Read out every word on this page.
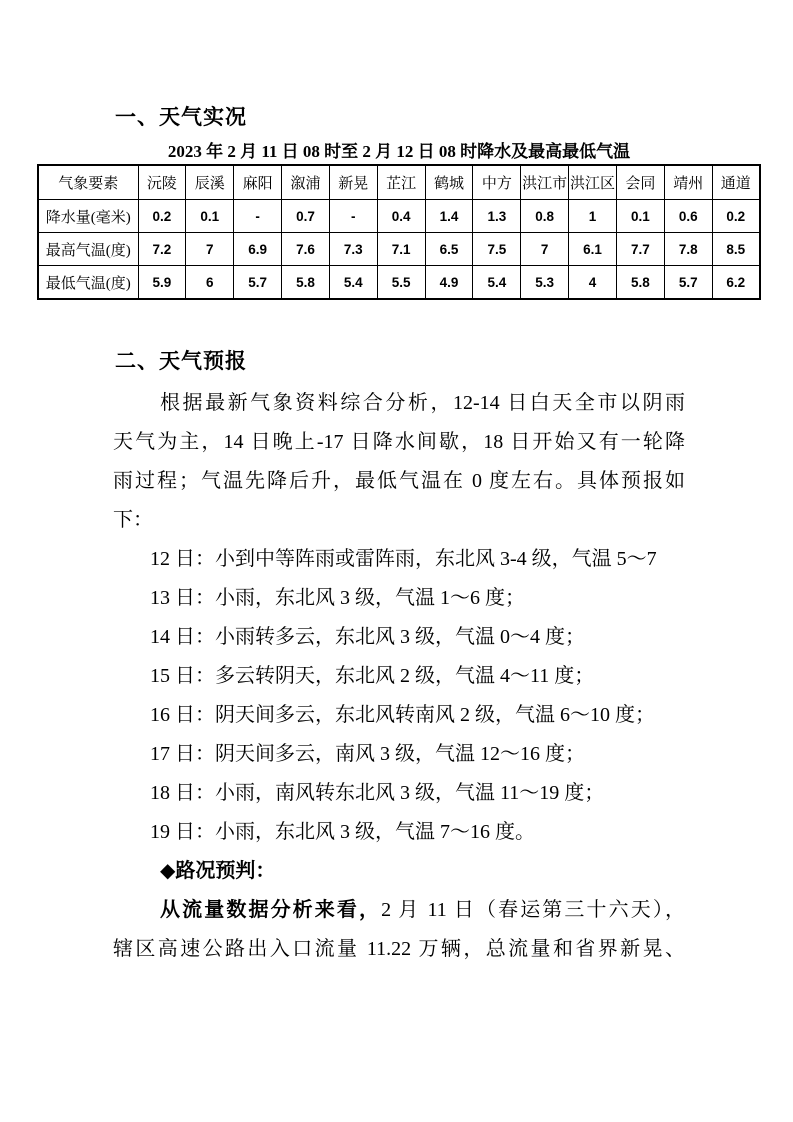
一、天气实况
2023 年 2 月 11 日 08 时至 2 月 12 日 08 时降水及最高最低气温
气象要素	沅陵	辰溪	麻阳	溆浦	新晃	芷江	鹤城	中方	洪江市	洪江区	会同	靖州	通道
降水量(毫米)	0.2	0.1	-	0.7	-	0.4	1.4	1.3	0.8	1	0.1	0.6	0.2
最高气温(度)	7.2	7	6.9	7.6	7.3	7.1	6.5	7.5	7	6.1	7.7	7.8	8.5
最低气温(度)	5.9	6	5.7	5.8	5.4	5.5	4.9	5.4	5.3	4	5.8	5.7	6.2
二、天气预报
根据最新气象资料综合分析，12-14 日白天全市以阴雨
天气为主，14 日晚上-17 日降水间歇，18 日开始又有一轮降
雨过程；气温先降后升，最低气温在 0 度左右。具体预报如
下：
12 日：小到中等阵雨或雷阵雨，东北风 3-4 级，气温 5～7
13 日：小雨，东北风 3 级，气温 1～6 度；
14 日：小雨转多云，东北风 3 级，气温 0～4 度；
15 日：多云转阴天，东北风 2 级，气温 4～11 度；
16 日：阴天间多云，东北风转南风 2 级，气温 6～10 度；
17 日：阴天间多云，南风 3 级，气温 12～16 度；
18 日：小雨，南风转东北风 3 级，气温 11～19 度；
19 日：小雨，东北风 3 级，气温 7～16 度。
◆路况预判：
从流量数据分析来看，2 月 11 日（春运第三十六天），
辖区高速公路出入口流量 11.22 万辆，总流量和省界新晃、
